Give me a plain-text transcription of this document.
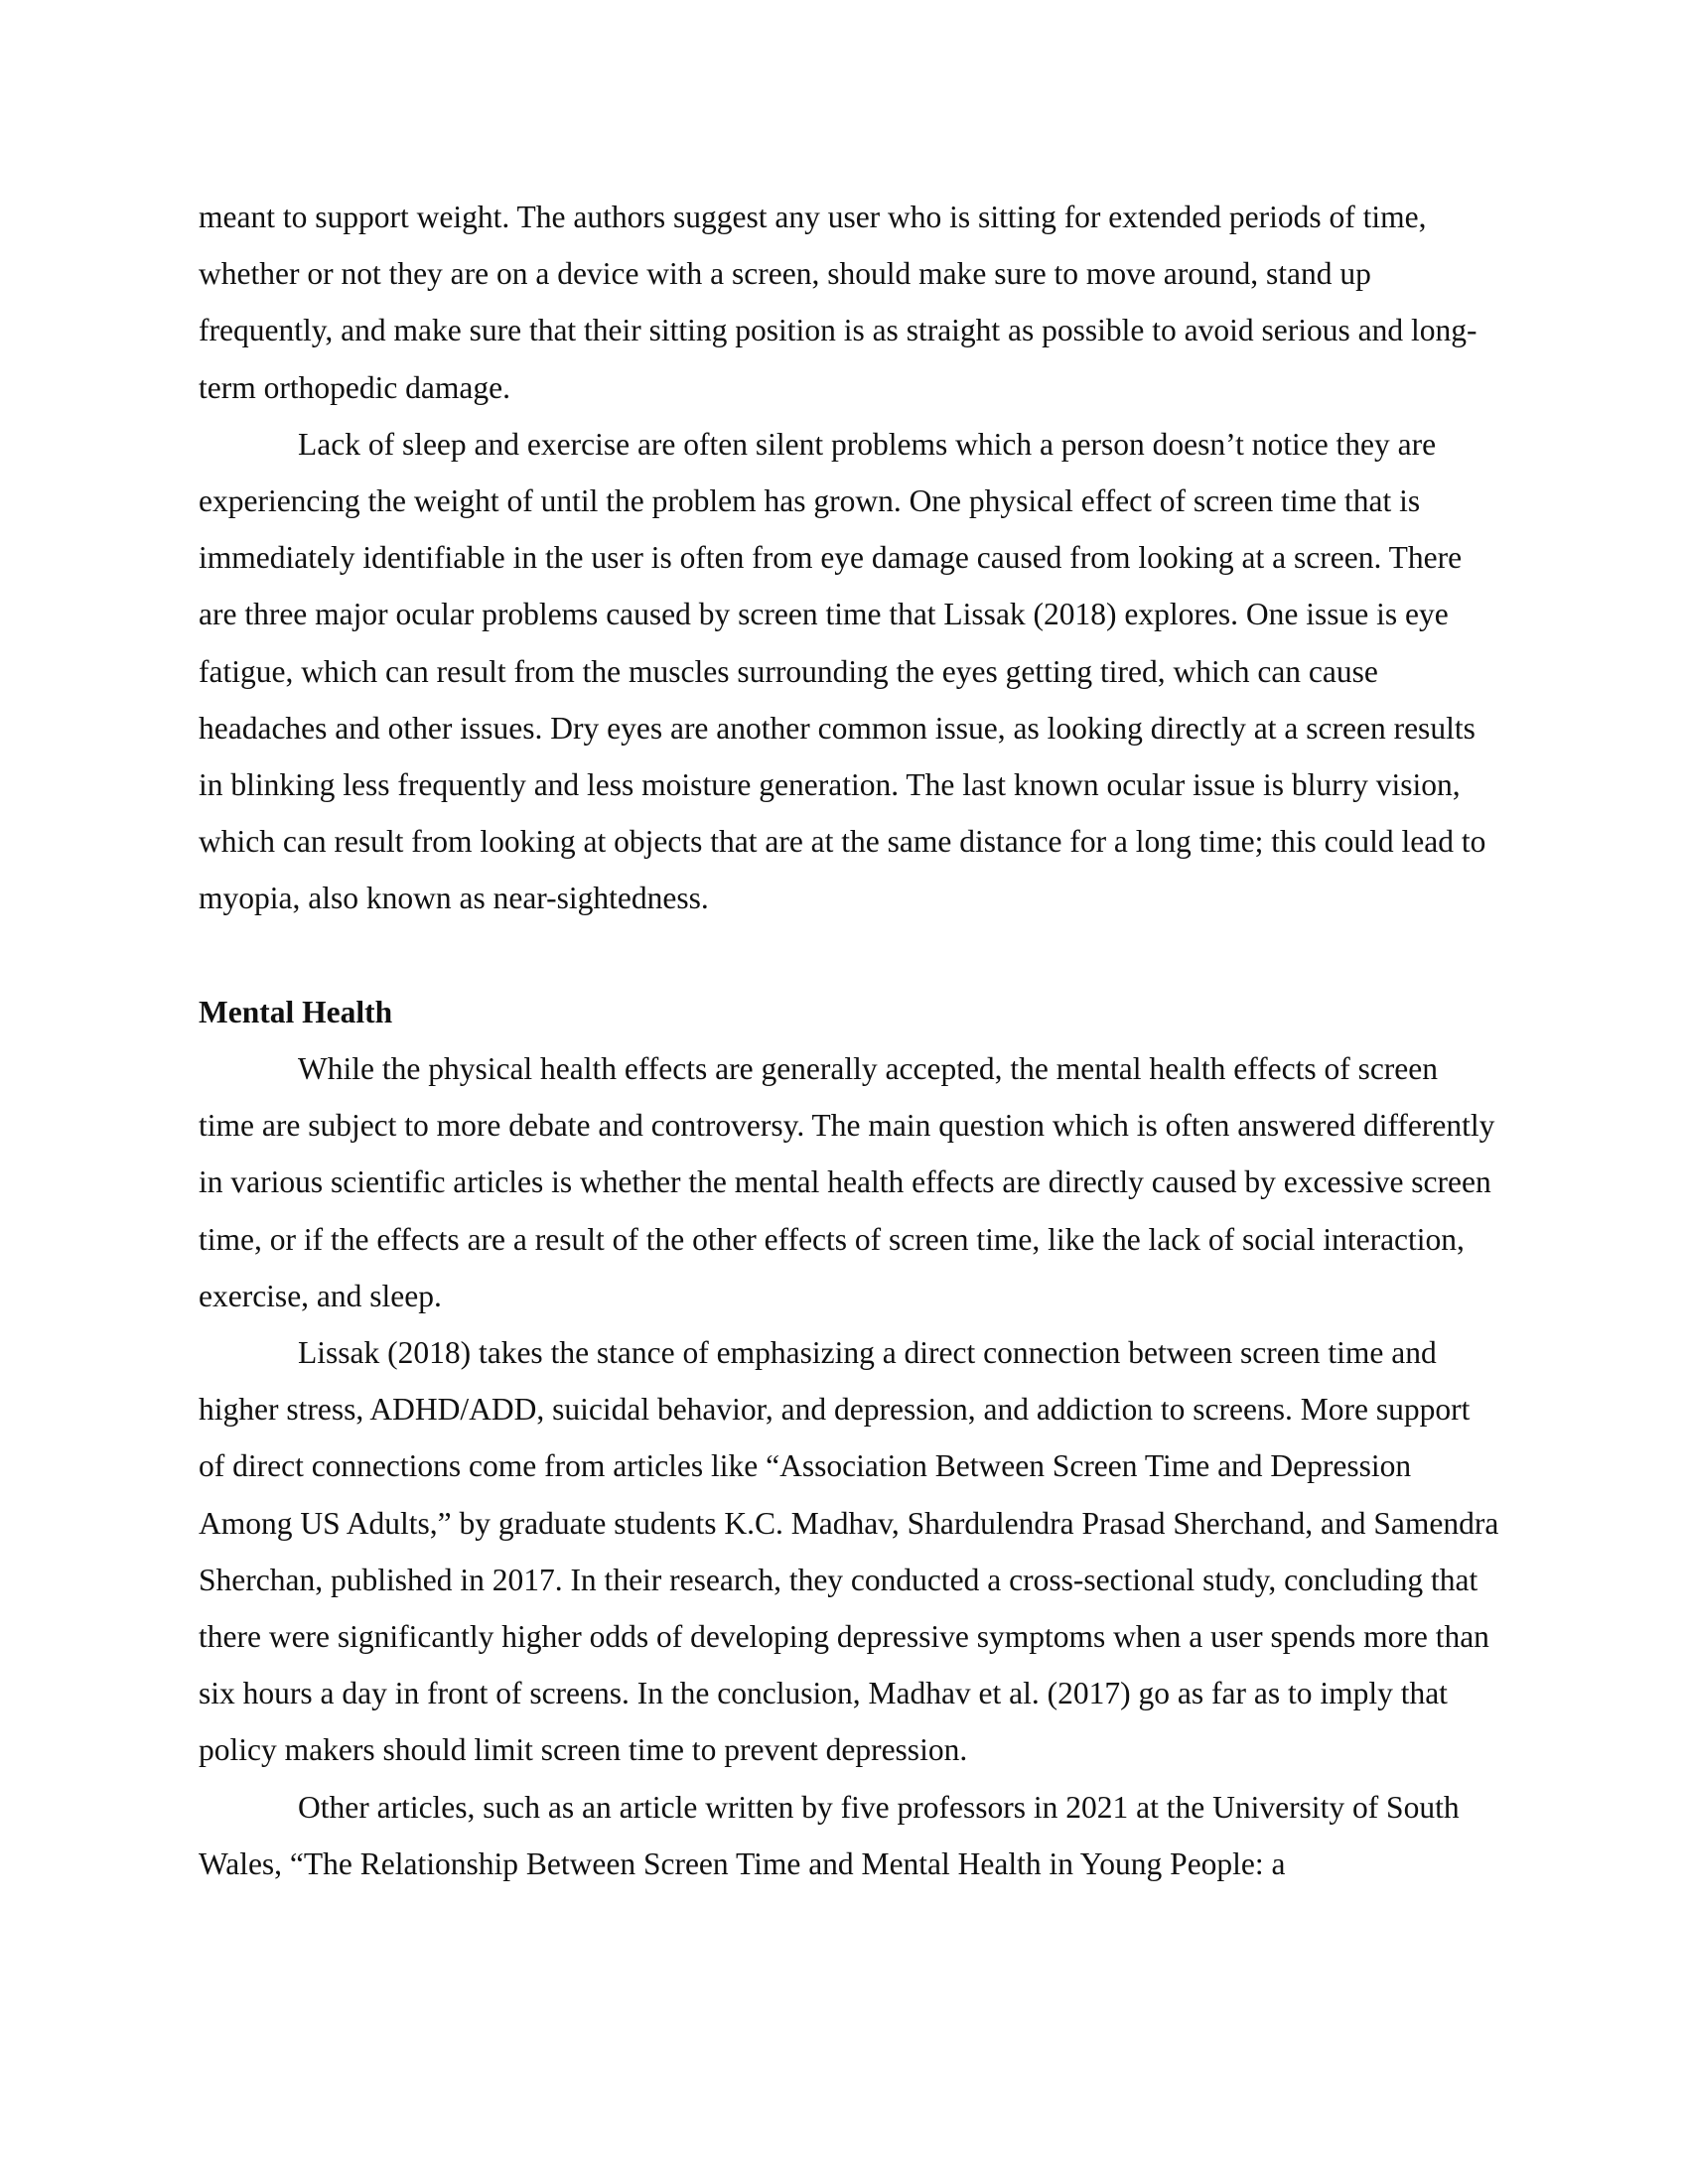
meant to support weight. The authors suggest any user who is sitting for extended periods of time, whether or not they are on a device with a screen, should make sure to move around, stand up frequently, and make sure that their sitting position is as straight as possible to avoid serious and long-term orthopedic damage.

Lack of sleep and exercise are often silent problems which a person doesn’t notice they are experiencing the weight of until the problem has grown. One physical effect of screen time that is immediately identifiable in the user is often from eye damage caused from looking at a screen. There are three major ocular problems caused by screen time that Lissak (2018) explores. One issue is eye fatigue, which can result from the muscles surrounding the eyes getting tired, which can cause headaches and other issues. Dry eyes are another common issue, as looking directly at a screen results in blinking less frequently and less moisture generation. The last known ocular issue is blurry vision, which can result from looking at objects that are at the same distance for a long time; this could lead to myopia, also known as near-sightedness.

Mental Health

While the physical health effects are generally accepted, the mental health effects of screen time are subject to more debate and controversy. The main question which is often answered differently in various scientific articles is whether the mental health effects are directly caused by excessive screen time, or if the effects are a result of the other effects of screen time, like the lack of social interaction, exercise, and sleep.

Lissak (2018) takes the stance of emphasizing a direct connection between screen time and higher stress, ADHD/ADD, suicidal behavior, and depression, and addiction to screens. More support of direct connections come from articles like “Association Between Screen Time and Depression Among US Adults,” by graduate students K.C. Madhav, Shardulendra Prasad Sherchand, and Samendra Sherchan, published in 2017. In their research, they conducted a cross-sectional study, concluding that there were significantly higher odds of developing depressive symptoms when a user spends more than six hours a day in front of screens. In the conclusion, Madhav et al. (2017) go as far as to imply that policy makers should limit screen time to prevent depression.

Other articles, such as an article written by five professors in 2021 at the University of South Wales, “The Relationship Between Screen Time and Mental Health in Young People: a
